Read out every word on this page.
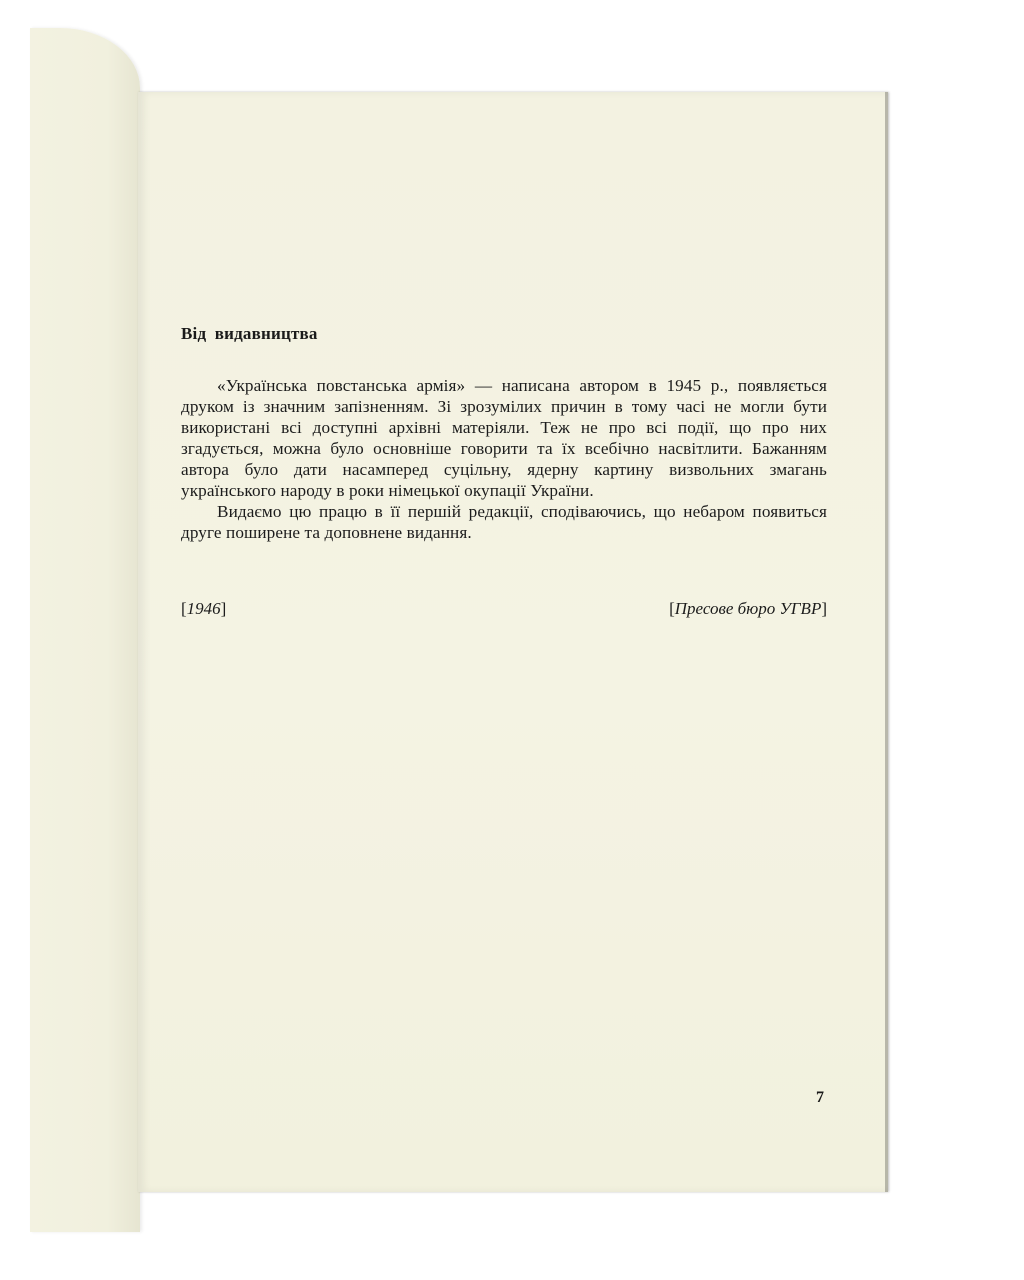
Від видавництва

«Українська повстанська армія» — написана автором в 1945 р., появляється друком із значним запізненням. Зі зрозумілих причин в тому часі не могли бути використані всі доступні архівні матеріяли. Теж не про всі події, що про них згадується, можна було основніше говорити та їх всебічно насвітлити. Бажанням автора було дати насамперед суцільну, ядерну картину визвольних змагань українського народу в роки німецької окупації України.

Видаємо цю працю в її першій редакції, сподіваючись, що небаром появиться друге поширене та доповнене видання.

[1946]	[Пресове бюро УГВР]
7
